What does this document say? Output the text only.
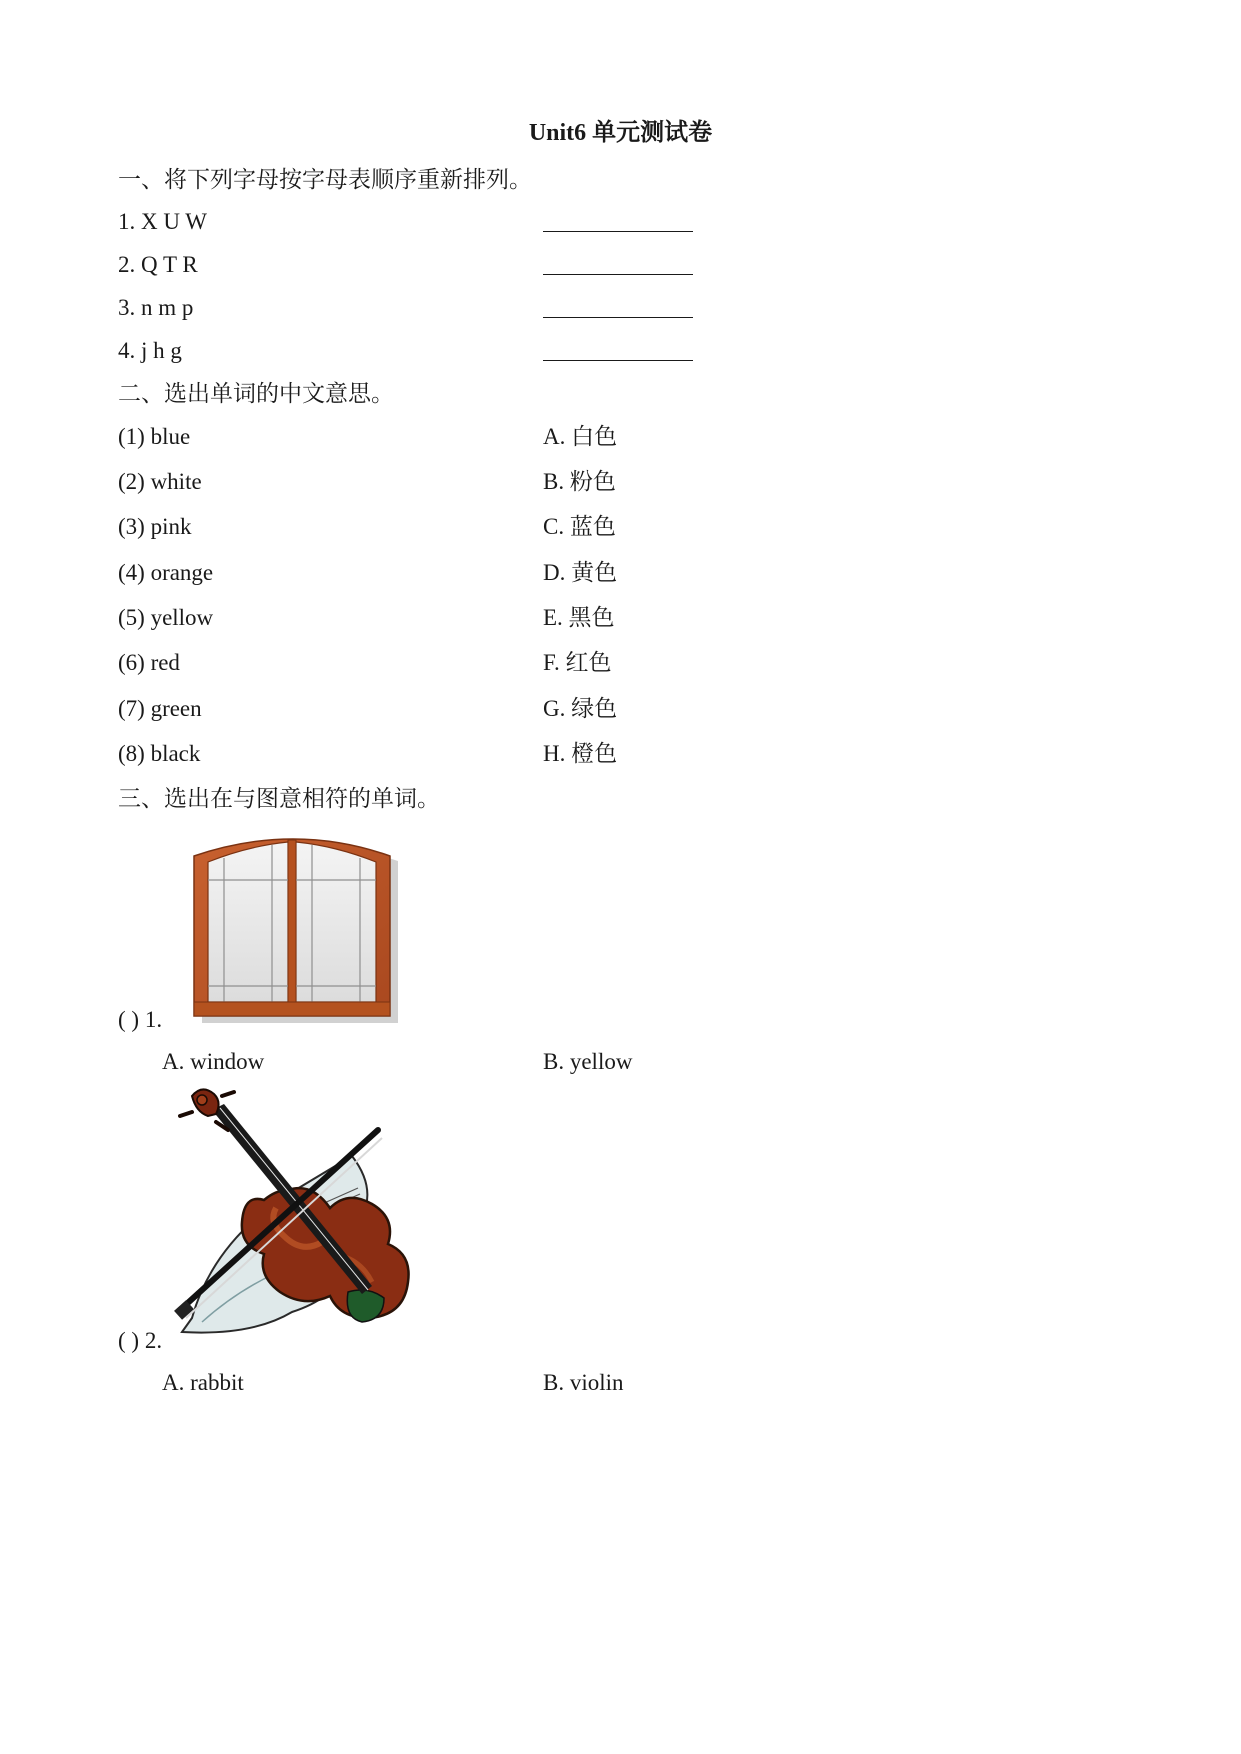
Unit6 单元测试卷
一、将下列字母按字母表顺序重新排列。
1. X U W
2. Q T R
3. n m p
4. j h g
二、选出单词的中文意思。
(1) blue	A. 白色
(2) white	B. 粉色
(3) pink	C. 蓝色
(4) orange	D. 黄色
(5) yellow	E. 黑色
(6) red	F. 红色
(7) green	G. 绿色
(8) black	H. 橙色
三、选出在与图意相符的单词。
( ) 1.
A. window	B. yellow
( ) 2.
A. rabbit	B. violin
